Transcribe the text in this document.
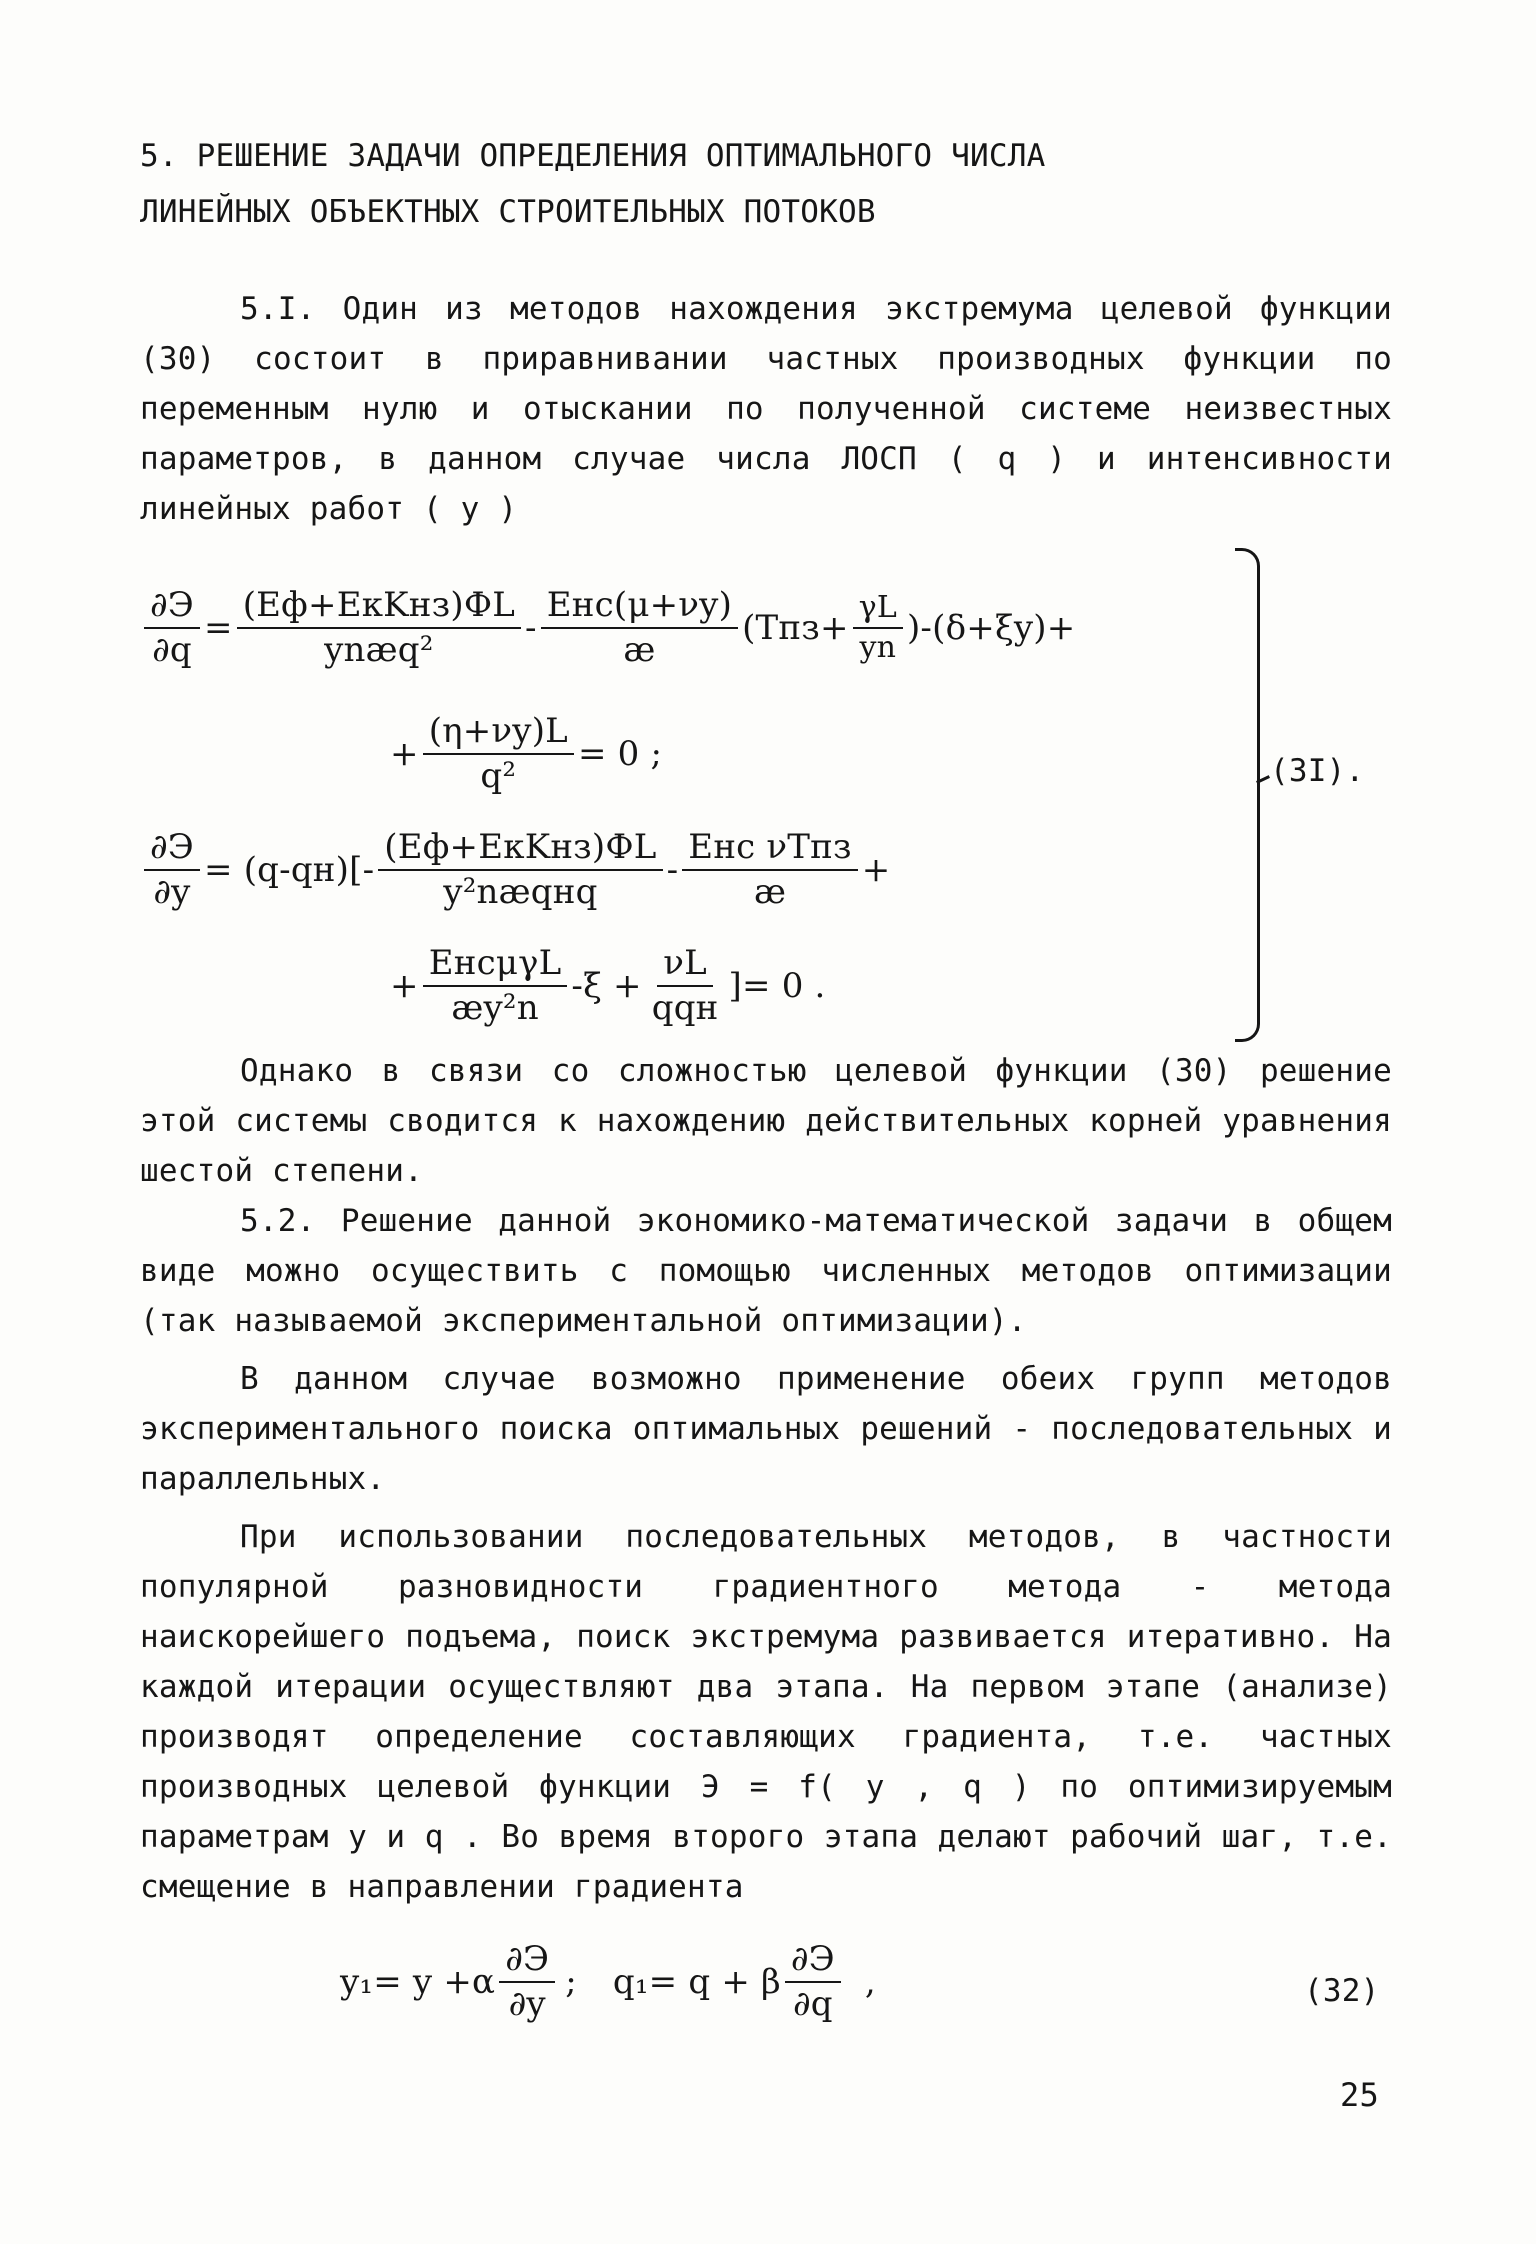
5. РЕШЕНИЕ ЗАДАЧИ ОПРЕДЕЛЕНИЯ ОПТИМАЛЬНОГО ЧИСЛА
ЛИНЕЙНЫХ ОБЪЕКТНЫХ СТРОИТЕЛЬНЫХ ПОТОКОВ

5.I. Один из методов нахождения экстремума целевой функции (30) состоит в приравнивании частных производных функции по переменным нулю и отыскании по полученной системе неизвестных параметров, в данном случае числа ЛОСП ( q ) и интенсивности линейных работ ( y )

$\frac{\partial Э}{\partial q} = \frac{\text{(Eф+EкKнз)ФL}}{\text{ynæq²}} - \frac{\text{Eнс(μ+νy)}}{æ} (Tпз+ \frac{\gamma L}{yn} )-(\delta+\xi y)+$
+ $\frac{(\eta+\nu y)L}{\text{q²}} = 0$ ;
$\frac{\partial Э}{\partial y} = (q-qн)[- \frac{\text{(Eф+EкKнз)ФL}}{\text{y²næqнq}} - \frac{\text{Eнс νTпз}}{æ}$ +
+ $\frac{\text{EнсμγL}}{\text{æy²n}} -\xi + \frac{\nu L}{\text{qqн}}$ ]= 0 .
(3I).

Однако в связи со сложностью целевой функции (30) решение этой системы сводится к нахождению действительных корней уравнения шестой степени.

5.2. Решение данной экономико-математической задачи в общем виде можно осуществить с помощью численных методов оптимизации (так называемой экспериментальной оптимизации).

В данном случае возможно применение обеих групп методов экспериментального поиска оптимальных решений - последовательных и параллельных.

При использовании последовательных методов, в частности популярной разновидности градиентного метода - метода наискорейшего подъема, поиск экстремума развивается итеративно. На каждой итерации осуществляют два этапа. На первом этапе (анализе) производят определение составляющих градиента, т.е. частных производных целевой функции Э = f( y , q ) по оптимизируемым параметрам y и q . Во время второго этапа делают рабочий шаг, т.е. смещение в направлении градиента

$y_1= y +\alpha \frac{\partial Э}{\partial y}$ ; q₁= q + β $\frac{\partial Э}{\partial q}$ ,	(32)
25
